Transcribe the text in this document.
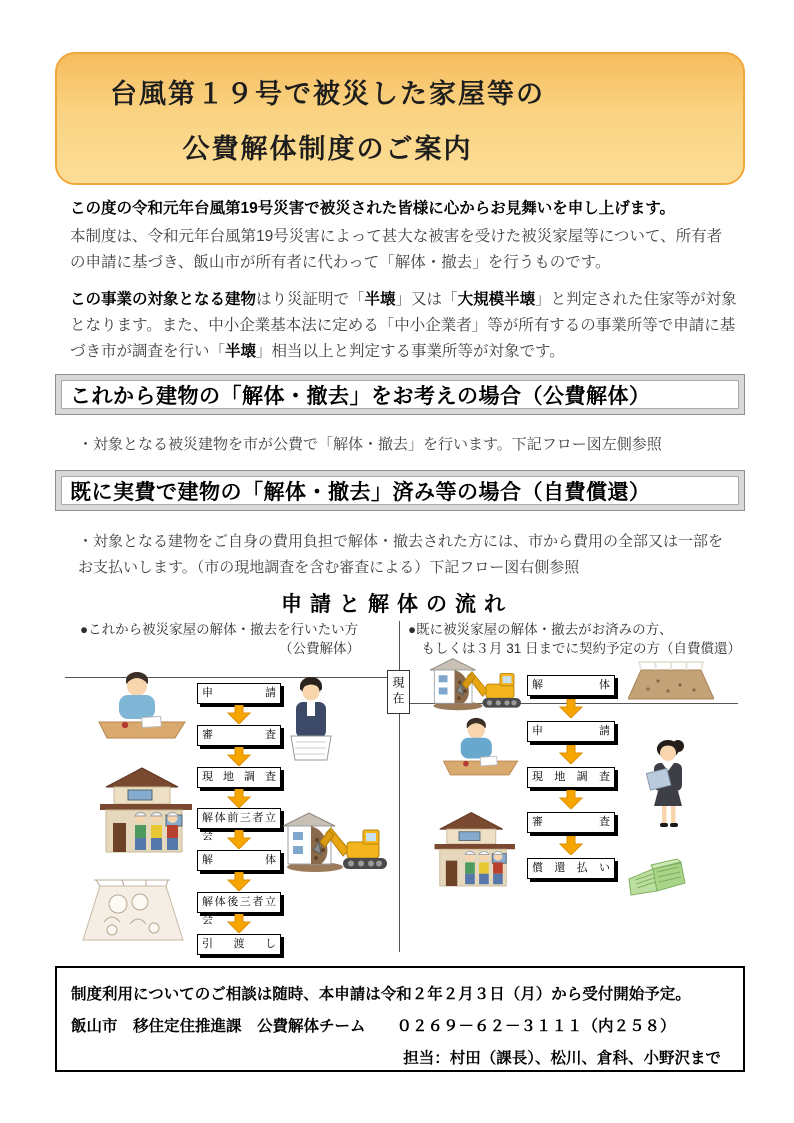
台風第１９号で被災した家屋等の
公費解体制度のご案内
この度の令和元年台風第19号災害で被災された皆様に心からお見舞いを申し上げます。
本制度は、令和元年台風第19号災害によって甚大な被害を受けた被災家屋等について、所有者の申請に基づき、飯山市が所有者に代わって「解体・撤去」を行うものです。
この事業の対象となる建物はり災証明で「半壊」又は「大規模半壊」と判定された住家等が対象となります。また、中小企業基本法に定める「中小企業者」等が所有するの事業所等で申請に基づき市が調査を行い「半壊」相当以上と判定する事業所等が対象です。
これから建物の「解体・撤去」をお考えの場合（公費解体）
・対象となる被災建物を市が公費で「解体・撤去」を行います。下記フロー図左側参照
既に実費で建物の「解体・撤去」済み等の場合（自費償還）
・対象となる建物をご自身の費用負担で解体・撤去された方には、市から費用の全部又は一部をお支払いします。（市の現地調査を含む審査による）下記フロー図右側参照
申請と解体の流れ
●これから被災家屋の解体・撤去を行いたい方
（公費解体）
●既に被災家屋の解体・撤去がお済みの方、
　もしくは３月 31 日までに契約予定の方（自費償還）
現在
申請
審査
現地調査
解体前三者立会
解体
解体後三者立会
引渡し
解体
申請
現地調査
審査
償還払い
制度利用についてのご相談は随時、本申請は令和２年２月３日（月）から受付開始予定。
飯山市　移住定住推進課　公費解体チーム　　０２６９－６２－３１１１（内２５８）
担当：村田（課長）、松川、倉科、小野沢まで
